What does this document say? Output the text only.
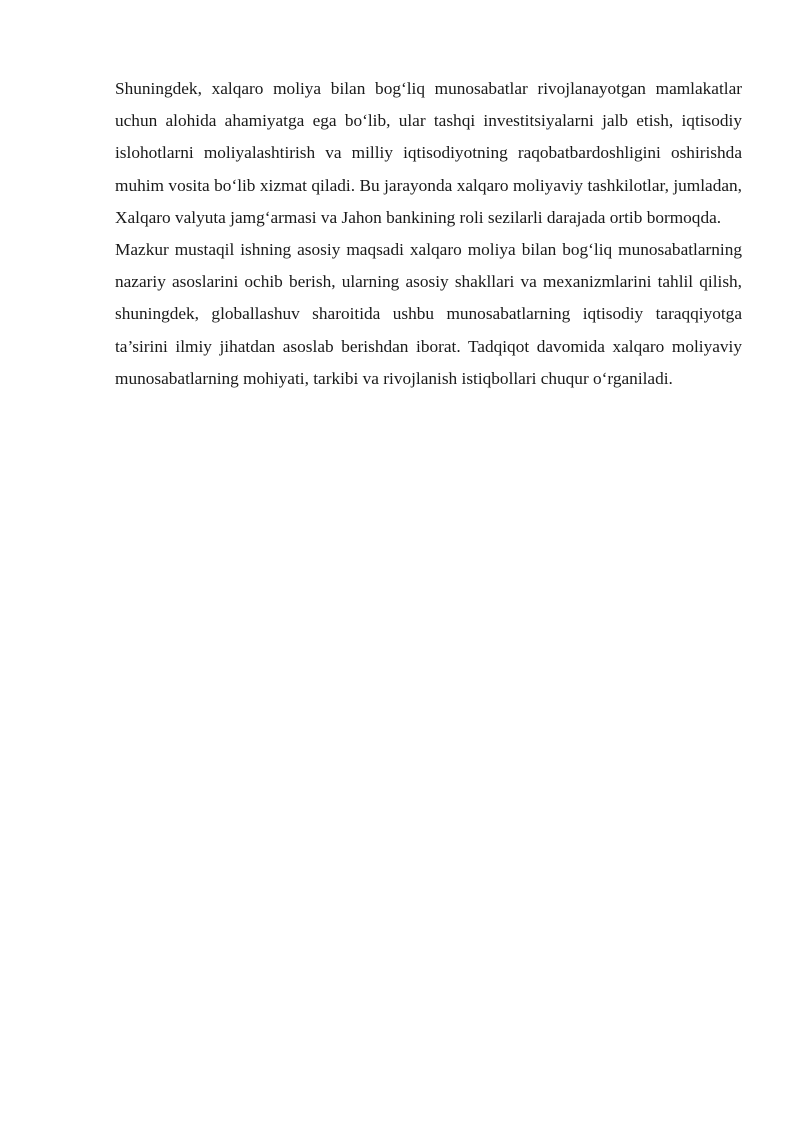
Shuningdek, xalqaro moliya bilan bog‘liq munosabatlar rivojlanayotgan mamlakatlar uchun alohida ahamiyatga ega bo‘lib, ular tashqi investitsiyalarni jalb etish, iqtisodiy islohotlarni moliyalashtirish va milliy iqtisodiyotning raqobatbardoshligini oshirishda muhim vosita bo‘lib xizmat qiladi. Bu jarayonda xalqaro moliyaviy tashkilotlar, jumladan, Xalqaro valyuta jamg‘armasi va Jahon bankining roli sezilarli darajada ortib bormoqda.

Mazkur mustaqil ishning asosiy maqsadi xalqaro moliya bilan bog‘liq munosabatlarning nazariy asoslarini ochib berish, ularning asosiy shakllari va mexanizmlarini tahlil qilish, shuningdek, globallashuv sharoitida ushbu munosabatlarning iqtisodiy taraqqiyotga ta’sirini ilmiy jihatdan asoslab berishdan iborat. Tadqiqot davomida xalqaro moliyaviy munosabatlarning mohiyati, tarkibi va rivojlanish istiqbollari chuqur o‘rganiladi.
